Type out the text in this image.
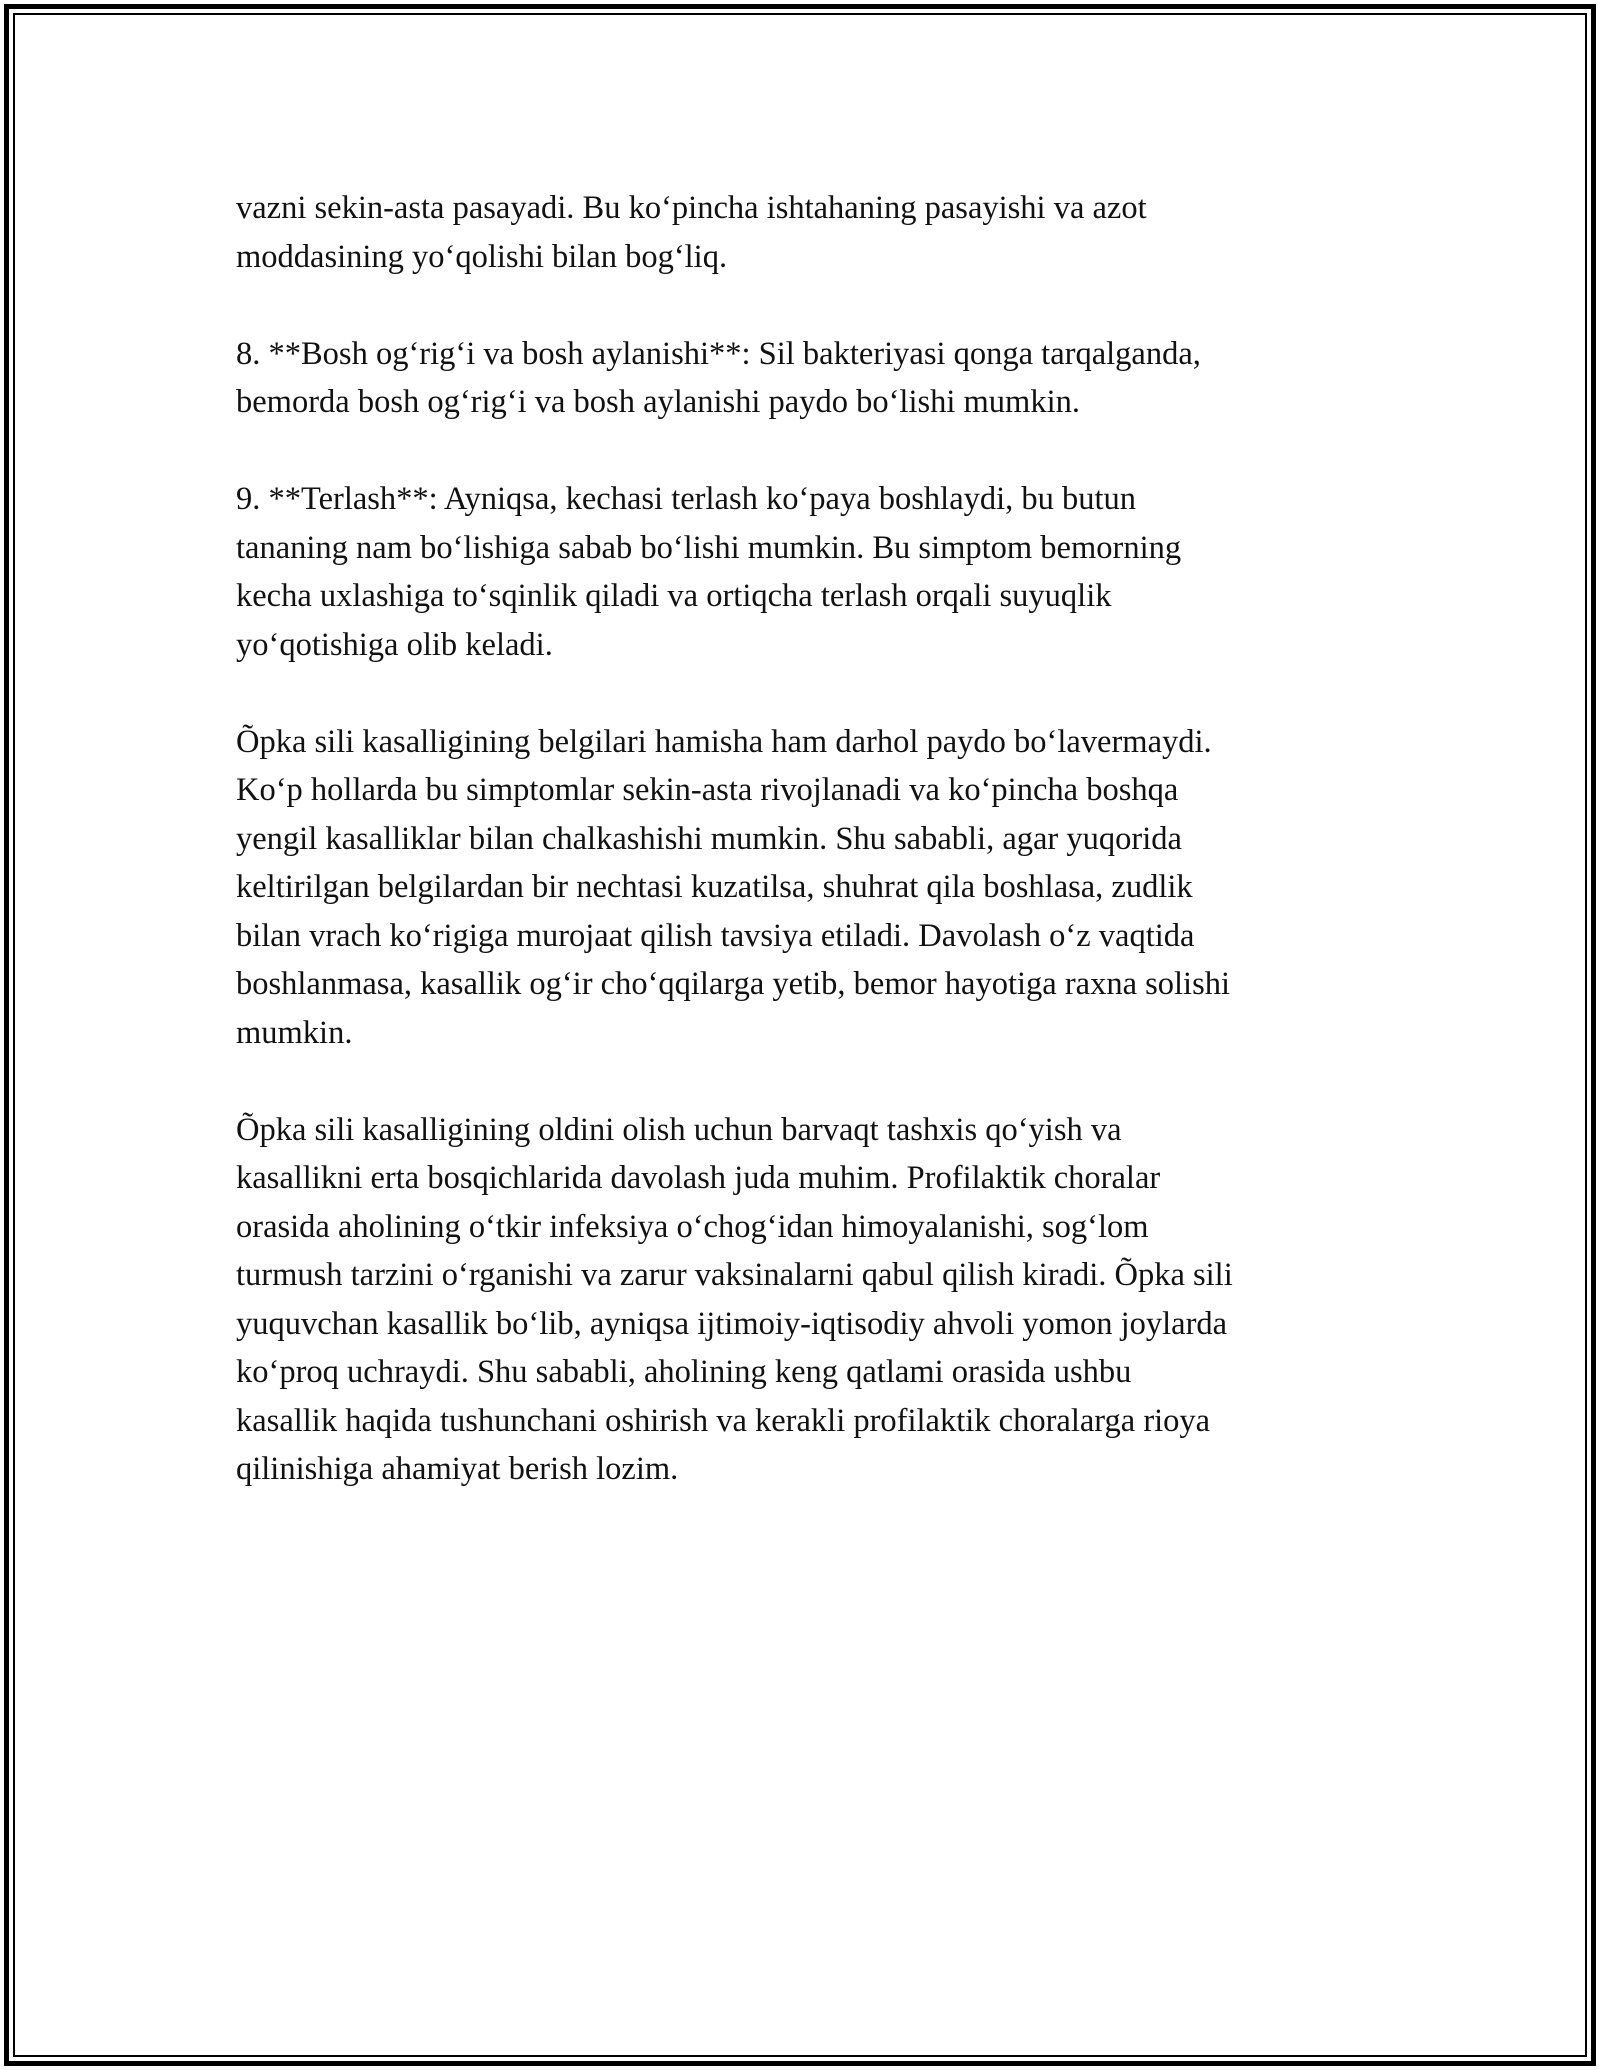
vazni sekin-asta pasayadi. Bu ko‘pincha ishtahaning pasayishi va azot
moddasining yo‘qolishi bilan bog‘liq.

8. **Bosh og‘rig‘i va bosh aylanishi**: Sil bakteriyasi qonga tarqalganda,
bemorda bosh og‘rig‘i va bosh aylanishi paydo bo‘lishi mumkin.

9. **Terlash**: Ayniqsa, kechasi terlash ko‘paya boshlaydi, bu butun
tananing nam bo‘lishiga sabab bo‘lishi mumkin. Bu simptom bemorning
kecha uxlashiga to‘sqinlik qiladi va ortiqcha terlash orqali suyuqlik
yo‘qotishiga olib keladi.

Õpka sili kasalligining belgilari hamisha ham darhol paydo bo‘lavermaydi.
Ko‘p hollarda bu simptomlar sekin-asta rivojlanadi va ko‘pincha boshqa
yengil kasalliklar bilan chalkashishi mumkin. Shu sababli, agar yuqorida
keltirilgan belgilardan bir nechtasi kuzatilsa, shuhrat qila boshlasa, zudlik
bilan vrach ko‘rigiga murojaat qilish tavsiya etiladi. Davolash o‘z vaqtida
boshlanmasa, kasallik og‘ir cho‘qqilarga yetib, bemor hayotiga raxna solishi
mumkin.

Õpka sili kasalligining oldini olish uchun barvaqt tashxis qo‘yish va
kasallikni erta bosqichlarida davolash juda muhim. Profilaktik choralar
orasida aholining o‘tkir infeksiya o‘chog‘idan himoyalanishi, sog‘lom
turmush tarzini o‘rganishi va zarur vaksinalarni qabul qilish kiradi. Õpka sili
yuquvchan kasallik bo‘lib, ayniqsa ijtimoiy-iqtisodiy ahvoli yomon joylarda
ko‘proq uchraydi. Shu sababli, aholining keng qatlami orasida ushbu
kasallik haqida tushunchani oshirish va kerakli profilaktik choralarga rioya
qilinishiga ahamiyat berish lozim.
